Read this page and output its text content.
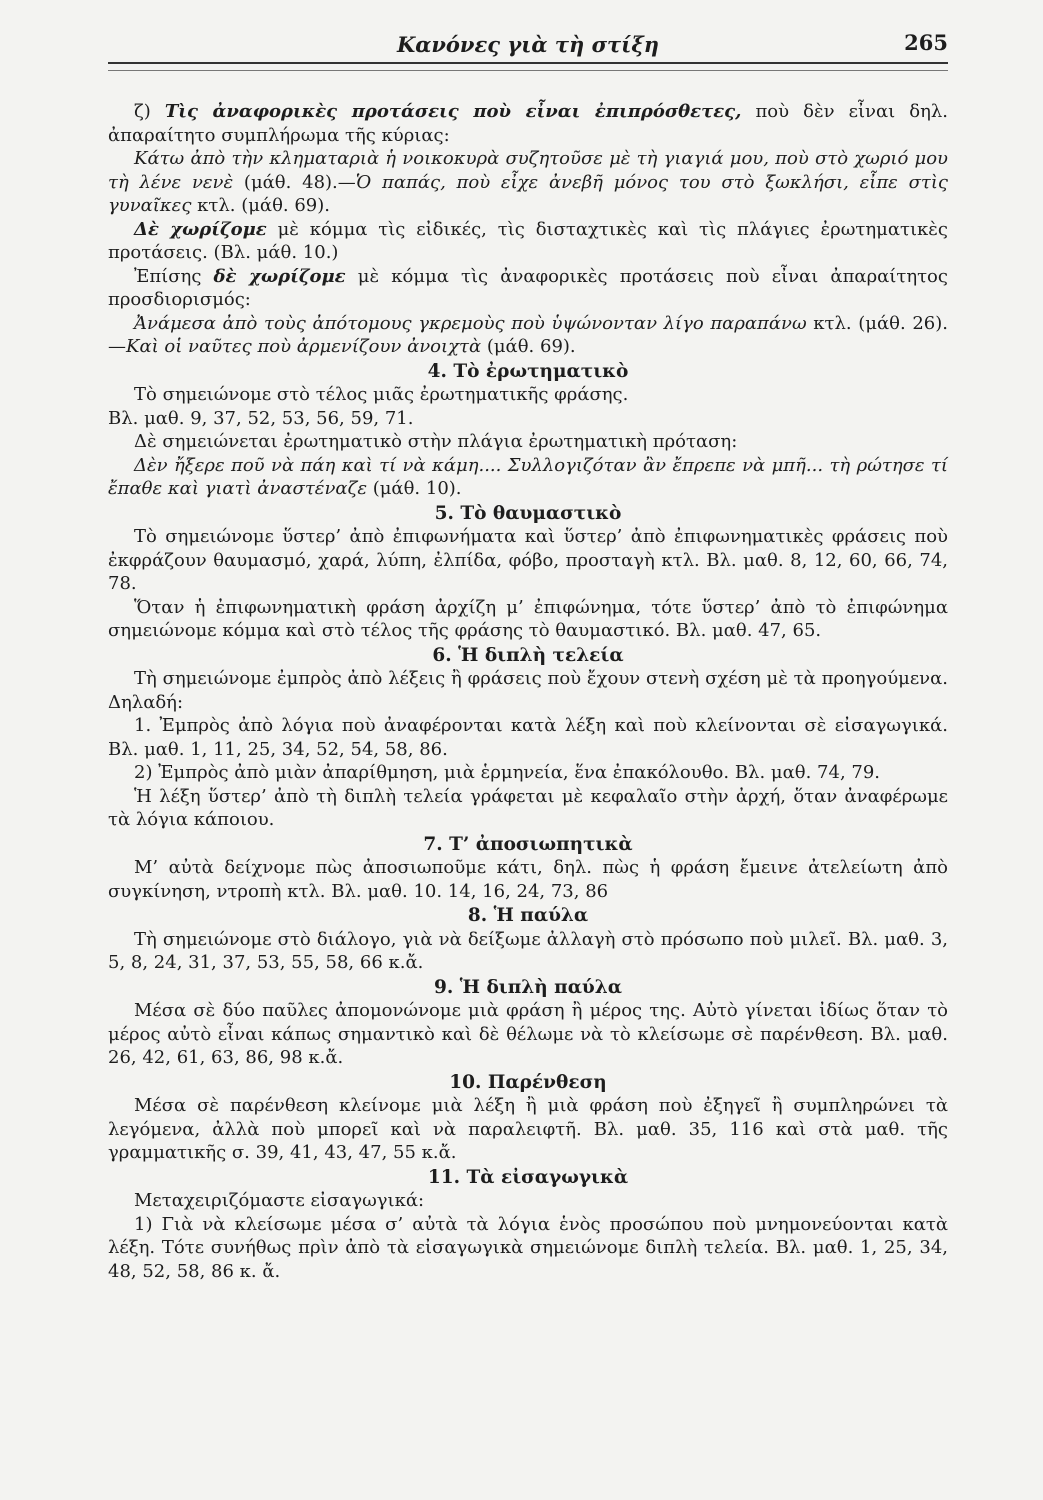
Κανόνες γιὰ τὴ στίξη	265

ζ) Τὶς ἀναφορικὲς προτάσεις ποὺ εἶναι ἐπιπρόσθετες, ποὺ δὲν εἶναι δηλ. ἀπαραίτητο συμπλήρωμα τῆς κύριας:

Κάτω ἀπὸ τὴν κληματαριὰ ἡ νοικοκυρὰ συζητοῦσε μὲ τὴ γιαγιά μου, ποὺ στὸ χωριό μου τὴ λένε νενὲ (μάθ. 48).—Ὁ παπάς, ποὺ εἶχε ἀνεβῆ μόνος του στὸ ξωκλήσι, εἶπε στὶς γυναῖκες κτλ. (μάθ. 69).

Δὲ χωρίζομε μὲ κόμμα τὶς εἰδικές, τὶς δισταχτικὲς καὶ τὶς πλάγιες ἐρωτηματικὲς προτάσεις. (Βλ. μάθ. 10.)

Ἐπίσης δὲ χωρίζομε μὲ κόμμα τὶς ἀναφορικὲς προτάσεις ποὺ εἶναι ἀπαραίτητος προσδιορισμός:

Ἀνάμεσα ἀπὸ τοὺς ἀπότομους γκρεμοὺς ποὺ ὑψώνονταν λίγο παραπάνω κτλ. (μάθ. 26).—Καὶ οἱ ναῦτες ποὺ ἀρμενίζουν ἀνοιχτὰ (μάθ. 69).

4. Τὸ ἐρωτηματικὸ

Τὸ σημειώνομε στὸ τέλος μιᾶς ἐρωτηματικῆς φράσης.

Βλ. μαθ. 9, 37, 52, 53, 56, 59, 71.

Δὲ σημειώνεται ἐρωτηματικὸ στὴν πλάγια ἐρωτηματικὴ πρόταση:

Δὲν ἤξερε ποῦ νὰ πάη καὶ τί νὰ κάμη.... Συλλογιζόταν ἂν ἔπρεπε νὰ μπῆ... τὴ ρώτησε τί ἔπαθε καὶ γιατὶ ἀναστέναζε (μάθ. 10).

5. Τὸ θαυμαστικὸ

Τὸ σημειώνομε ὕστερ’ ἀπὸ ἐπιφωνήματα καὶ ὕστερ’ ἀπὸ ἐπιφωνηματικὲς φράσεις ποὺ ἐκφράζουν θαυμασμό, χαρά, λύπη, ἐλπίδα, φόβο, προσταγὴ κτλ. Βλ. μαθ. 8, 12, 60, 66, 74, 78.

Ὅταν ἡ ἐπιφωνηματικὴ φράση ἀρχίζη μ’ ἐπιφώνημα, τότε ὕστερ’ ἀπὸ τὸ ἐπιφώνημα σημειώνομε κόμμα καὶ στὸ τέλος τῆς φράσης τὸ θαυμαστικό. Βλ. μαθ. 47, 65.

6. Ἡ διπλὴ τελεία

Τὴ σημειώνομε ἐμπρὸς ἀπὸ λέξεις ἢ φράσεις ποὺ ἔχουν στενὴ σχέση μὲ τὰ προηγούμενα. Δηλαδή:

1. Ἐμπρὸς ἀπὸ λόγια ποὺ ἀναφέρονται κατὰ λέξη καὶ ποὺ κλείνονται σὲ εἰσαγωγικά. Βλ. μαθ. 1, 11, 25, 34, 52, 54, 58, 86.

2) Ἐμπρὸς ἀπὸ μιὰν ἀπαρίθμηση, μιὰ ἑρμηνεία, ἕνα ἐπακόλουθο. Βλ. μαθ. 74, 79.

Ἡ λέξη ὕστερ’ ἀπὸ τὴ διπλὴ τελεία γράφεται μὲ κεφαλαῖο στὴν ἀρχή, ὅταν ἀναφέρωμε τὰ λόγια κάποιου.

7. Τ’ ἀποσιωπητικὰ

Μ’ αὐτὰ δείχνομε πὼς ἀποσιωποῦμε κάτι, δηλ. πὼς ἡ φράση ἔμεινε ἀτελείωτη ἀπὸ συγκίνηση, ντροπὴ κτλ. Βλ. μαθ. 10. 14, 16, 24, 73, 86

8. Ἡ παύλα

Τὴ σημειώνομε στὸ διάλογο, γιὰ νὰ δείξωμε ἀλλαγὴ στὸ πρόσωπο ποὺ μιλεῖ. Βλ. μαθ. 3, 5, 8, 24, 31, 37, 53, 55, 58, 66 κ.ἄ.

9. Ἡ διπλὴ παύλα

Μέσα σὲ δύο παῦλες ἀπομονώνομε μιὰ φράση ἢ μέρος της. Αὐτὸ γίνεται ἰδίως ὅταν τὸ μέρος αὐτὸ εἶναι κάπως σημαντικὸ καὶ δὲ θέλωμε νὰ τὸ κλείσωμε σὲ παρένθεση. Βλ. μαθ. 26, 42, 61, 63, 86, 98 κ.ἄ.

10. Παρένθεση

Μέσα σὲ παρένθεση κλείνομε μιὰ λέξη ἢ μιὰ φράση ποὺ ἐξηγεῖ ἢ συμπληρώνει τὰ λεγόμενα, ἀλλὰ ποὺ μπορεῖ καὶ νὰ παραλειφτῆ. Βλ. μαθ. 35, 116 καὶ στὰ μαθ. τῆς γραμματικῆς σ. 39, 41, 43, 47, 55 κ.ἄ.

11. Τὰ εἰσαγωγικὰ

Μεταχειριζόμαστε εἰσαγωγικά:

1) Γιὰ νὰ κλείσωμε μέσα σ’ αὐτὰ τὰ λόγια ἑνὸς προσώπου ποὺ μνημονεύονται κατὰ λέξη. Τότε συνήθως πρὶν ἀπὸ τὰ εἰσαγωγικὰ σημειώνομε διπλὴ τελεία. Βλ. μαθ. 1, 25, 34, 48, 52, 58, 86 κ. ἄ.
